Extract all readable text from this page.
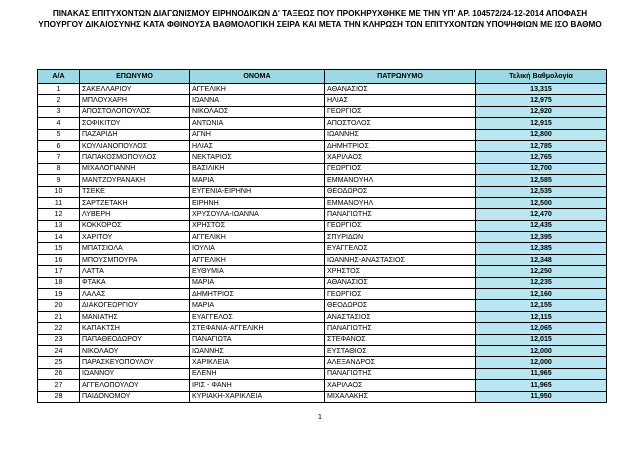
ΠΙΝΑΚΑΣ ΕΠΙΤΥΧΟΝΤΩΝ ΔΙΑΓΩΝΙΣΜΟΥ ΕΙΡΗΝΟΔΙΚΩΝ Δ' ΤΑΞΕΩΣ ΠΟΥ ΠΡΟΚΗΡΥΧΘΗΚΕ ΜΕ ΤΗΝ ΥΠ' ΑΡ. 104572/24-12-2014 ΑΠΟΦΑΣΗ
ΥΠΟΥΡΓΟΥ ΔΙΚΑΙΟΣΥΝΗΣ ΚΑΤΑ ΦΘΙΝΟΥΣΑ ΒΑΘΜΟΛΟΓΙΚΗ ΣΕΙΡΑ ΚΑΙ ΜΕΤΑ ΤΗΝ ΚΛΗΡΩΣΗ ΤΩΝ ΕΠΙΤΥΧΟΝΤΩΝ ΥΠΟΨΗΦΙΩΝ ΜΕ ΙΣΟ ΒΑΘΜΟ
Α/Α	ΕΠΩΝΥΜΟ	ΟΝΟΜΑ	ΠΑΤΡΩΝΥΜΟ	Τελική Βαθμολογία
1	ΣΑΚΕΛΛΑΡΙΟΥ	ΑΓΓΕΛΙΚΗ	ΑΘΑΝΑΣΙΟΣ	13,315
2	ΜΠΛΟΥΧΑΡΗ	ΙΩΑΝΝΑ	ΗΛΙΑΣ	12,975
3	ΑΠΟΣΤΟΛΟΠΟΥΛΟΣ	ΝΙΚΟΛΑΟΣ	ΓΕΩΡΓΙΟΣ	12,920
4	ΣΟΦΙΚΙΤΟΥ	ΑΝΤΩΝΙΑ	ΑΠΟΣΤΟΛΟΣ	12,915
5	ΠΑΖΑΡΙΔΗ	ΑΓΝΗ	ΙΩΑΝΝΗΣ	12,800
6	ΚΟΥΛΙΑΝΟΠΟΥΛΟΣ	ΗΛΙΑΣ	ΔΗΜΗΤΡΙΟΣ	12,785
7	ΠΑΠΑΚΟΣΜΟΠΟΥΛΟΣ	ΝΕΚΤΑΡΙΟΣ	ΧΑΡΙΛΑΟΣ	12,765
8	ΜΙΧΑΛΟΓΙΑΝΝΗ	ΒΑΣΙΛΙΚΗ	ΓΕΩΡΓΙΟΣ	12,700
9	ΜΑΝΤΖΟΥΡΑΝΑΚΗ	ΜΑΡΙΑ	ΕΜΜΑΝΟΥΗΛ	12,585
10	ΤΣΕΚΕ	ΕΥΓΕΝΙΑ-ΕΙΡΗΝΗ	ΘΕΟΔΩΡΟΣ	12,535
11	ΣΑΡΤΖΕΤΑΚΗ	ΕΙΡΗΝΗ	ΕΜΜΑΝΟΥΗΛ	12,500
12	ΛΥΒΕΡΗ	ΧΡΥΣΟΥΛΑ-ΙΩΑΝΝΑ	ΠΑΝΑΓΙΩΤΗΣ	12,470
13	ΚΟΚΚΟΡΟΣ	ΧΡΗΣΤΟΣ	ΓΕΩΡΓΙΟΣ	12,435
14	ΧΑΡΙΤΟΥ	ΑΓΓΕΛΙΚΗ	ΣΠΥΡΙΔΩΝ	12,395
15	ΜΠΑΤΣΙΟΛΑ	ΙΟΥΛΙΑ	ΕΥΑΓΓΕΛΟΣ	12,385
16	ΜΠΟΥΣΜΠΟΥΡΑ	ΑΓΓΕΛΙΚΗ	ΙΩΑΝΝΗΣ-ΑΝΑΣΤΑΣΙΟΣ	12,348
17	ΛΑΤΤΑ	ΕΥΘΥΜΙΑ	ΧΡΗΣΤΟΣ	12,250
18	ΦΤΑΚΑ	ΜΑΡΙΑ	ΑΘΑΝΑΣΙΟΣ	12,235
19	ΛΑΛΑΣ	ΔΗΜΗΤΡΙΟΣ	ΓΕΩΡΓΙΟΣ	12,160
20	ΔΙΑΚΟΓΕΩΡΓΙΟΥ	ΜΑΡΙΑ	ΘΕΟΔΩΡΟΣ	12,155
21	ΜΑΝΙΑΤΗΣ	ΕΥΑΓΓΕΛΟΣ	ΑΝΑΣΤΑΣΙΟΣ	12,115
22	ΚΑΠΑΚΤΣΗ	ΣΤΕΦΑΝΙΑ-ΑΓΓΕΛΙΚΗ	ΠΑΝΑΓΙΩΤΗΣ	12,065
23	ΠΑΠΑΘΕΟΔΩΡΟΥ	ΠΑΝΑΓΙΩΤΑ	ΣΤΕΦΑΝΟΣ	12,015
24	ΝΙΚΟΛΑΟΥ	ΙΩΑΝΝΗΣ	ΕΥΣΤΑΘΙΟΣ	12,000
25	ΠΑΡΑΣΚΕΥΟΠΟΥΛΟΥ	ΧΑΡΙΚΛΕΙΑ	ΑΛΕΞΑΝΔΡΟΣ	12,000
26	ΙΩΑΝΝΟΥ	ΕΛΕΝΗ	ΠΑΝΑΓΙΩΤΗΣ	11,965
27	ΑΓΓΕΛΟΠΟΥΛΟΥ	ΙΡΙΣ - ΦΑΝΗ	ΧΑΡΙΛΑΟΣ	11,965
28	ΠΑΙΔΟΝΟΜΟΥ	ΚΥΡΙΑΚΗ-ΧΑΡΙΚΛΕΙΑ	ΜΙΧΑΛΑΚΗΣ	11,950
1
